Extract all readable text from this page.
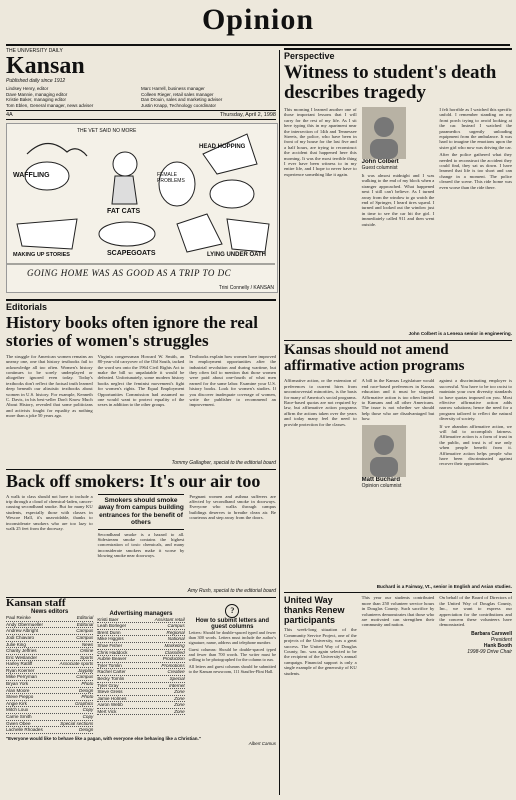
Opinion
THE UNIVERSITY DAILY
Kansan
Published daily since 1912
Lindsey Henry, editor	Marc Harrell, business manager
Dave Mannie, managing editor	Colleen Rieger, retail sales manager
Kristie Baker, managing editor	Dan Drouin, sales and marketing adviser
Tom Eblen, General manager, news adviser	Justin Knapp, Technology coordinator
4A	Thursday, April 2, 1998
THE VET SAID NO MORE
WAFFLING
FAT CATS
HEAD HOPPING
FEMALE PROBLEMS
MAKING UP STORIES	SCAPEGOATS	LYING UNDER OATH
GOING HOME WAS AS GOOD AS A TRIP TO DC
Trini Connelly / KANSAN
Editorials
History books often ignore the real stories of women's struggles
The struggle for American women remains an uneasy one, one that history textbooks fail to acknowledge all too often. Women's history continues to be sorely underplayed or altogether ignored even today. Today's textbooks don't reflect the factual truth learned deep beneath our altruistic textbooks about women in U.S. history. For example, Kenneth C. Davis, in his best-seller Don't Know Much About History, revealed that some politicians and activists fought for equality as nothing more than a joke 50 years ago.
Virginia congressman Howard W. Smith, an 80-year-old carryover of the Old South, tacked the word sex onto the 1964 Civil Rights Act to make the bill so unpalatable it would be defeated. Unfortunately, some modern history books neglect the feminist movement's fight for women's rights. The Equal Employment Opportunities Commission had assumed no one would want to protect equality of the sexes in addition to the other groups.
Textbooks explain how women have improved in employment opportunities after the industrial revolution and during wartime, but they often fail to mention that those women were paid about one-fourth of what men earned for the same labor. Examine your U.S. history books. Look for women's studies. If you discover inadequate coverage of women, write the publisher to recommend an improvement.
Tommy Gallagher, special to the editorial board
Back off smokers: It's our air too
A walk to class should not have to include a trip through a cloud of chemical-laden, cancer-causing secondhand smoke. But for many KU students, especially those with classes in Wescoe Hall, it's unavoidable, thanks to inconsiderate smokers who are too lazy to walk 25 feet from the doorway.
Smokers should smoke away from campus building entrances for the benefit of others
Secondhand smoke is a hazard to all. Sidestream smoke contains the highest concentration of toxic chemicals, and many inconsiderate smokers make it worse by blowing smoke near doorways.
Pregnant women and asthma sufferers are affected by secondhand smoke in doorways. Everyone who walks through campus buildings deserves to breathe clean air. Be courteous and step away from the doors.
Amy Rush, special to the editorial board
Kansan staff
News editors
Paul Reinke	Editorial
Andy Obermueller	Editorial
Andrew Albright	Campus
Jodi Chiavaro	Campus
Julie King	News
Charity Jeffries	Online
Eric Weslander	Sports
Harley Ratliff	Associate sports
Ryan Koerner	Jayplay
Mike Perryman	Campus
Bryan York	Photo
Alan Moore	Design
Steve Pieppo	Photo
Angie Kirk	Graphics
Mitch Loux	Copy
Carrie Smith	Copy
Gwen Obee	Special sections
Lachelle Rhoades	Design
Advertising managers
Kristi Baer	Assistant retail
Leah Borleger	Campus
Brent Dunn	Regional
Mike Higgins	National
Shae Fisher	Marketing
Chris Haddock	Classified
Aubrie Beaver	Production
Tyler Tomlin	Promotions
Rachel Carter	Creative
Becky Tomlin	Special
Tyler Gray	Internet
Steve Gress	Zone
Jamie Holmes	Zone
Aaron Webb	Zone
Mert Vick	Zone
?
How to submit letters and guest columns
Letters: Should be double-spaced typed and fewer than 300 words. Letters must include the author's signature, name, address and telephone number.
Guest columns: Should be double-spaced typed and fewer than 700 words. The writer must be willing to be photographed for the column to run.
All letters and guest columns should be submitted to the Kansan newsroom, 111 Stauffer-Flint Hall.
"Everyone would like to behave like a pagan, with everyone else behaving like a Christian."
Albert Camus
Perspective
Witness to student's death describes tragedy
This morning I learned another one of those important lessons that I will carry for the rest of my life. As I sit here typing this in my apartment near the intersection of 14th and Tennessee Streets, the police, who have been in front of my house for the last five and a half hours, are trying to reconstruct the accident that happened here this morning. It was the most terrible thing I ever have been witness to in my entire life, and I hope to never have to experience something like it again.
John Colbert
Guest columnist
It was almost midnight and I was walking to the end of my block when a stranger approached. What happened next I still can't believe. As I turned away from the window to go watch the end of Springer, I heard tires squeal. I turned and looked out the window just in time to see the car hit the girl. I immediately called 911 and then went outside.
I felt horrible as I watched this specific unfold. I remember standing on my front porch trying to avoid looking at the car. Instead I watched the paramedics urgently unloading equipment from the ambulance. It was hard to imagine the emotions upon the sister girl who now was driving the car.
After the police gathered what they needed to reconstruct the accident they could find, they sat us down. I have learned that life is too short and can change in a moment. The police cleared the scene. This ride home was even worse than the ride there.
John Colbert is a Lenexa senior in engineering.
Kansas should not amend affirmative action programs
Affirmative action, or the extension of preferences to current hires from uncontroversial minorities, is the basis for many of America's social programs. Race-based quotas are not required by law, but affirmative action programs affirm the actions taken over the years and today many feel the need to provide protection for the classes.
A bill in the Kansas Legislature would end race-based preferences in Kansas education and it must be stopped. Affirmative action is too often limited to Kansans and all other Americans. The issue is not whether we should help those who are disadvantaged but how.
Matt Buchard
Opinion columnist
against a discriminating employer is successful. You have to be too racist to maintain your own diversity standards to have quotas imposed on you. Most effective affirmative action adds narrow solutions; hence the need for a program tailored to reflect the natural diversity of society.
If we abandon affirmative action, we will fail to accomplish fairness. Affirmative action is a form of trust in the public, and trust is of use only when people benefit from it. Affirmative action helps people who have been discriminated against recover their opportunities.
Buchard is a Fairway, Vt., senior in English and Asian studies.
United Way thanks Renew participants
This week-long situation of the Community Service Project, one of the projects of the University, was a great success. The United Way of Douglas County, Inc. was again selected to be the recipient of the University's annual campaign. Financial support is only a single example of the generosity of KU students.
This year our students contributed more than 250 volunteer service hours in Douglas County. Such sacrifice by volunteers demonstrates that those who are motivated can strengthen their community and nation.
On behalf of the Board of Directors of the United Way of Douglas County, Inc., we want to express our appreciation for the contributions and the concern these volunteers have demonstrated.
Barbara Carswell
President
Hank Booth
1998-99 Drive Chair
